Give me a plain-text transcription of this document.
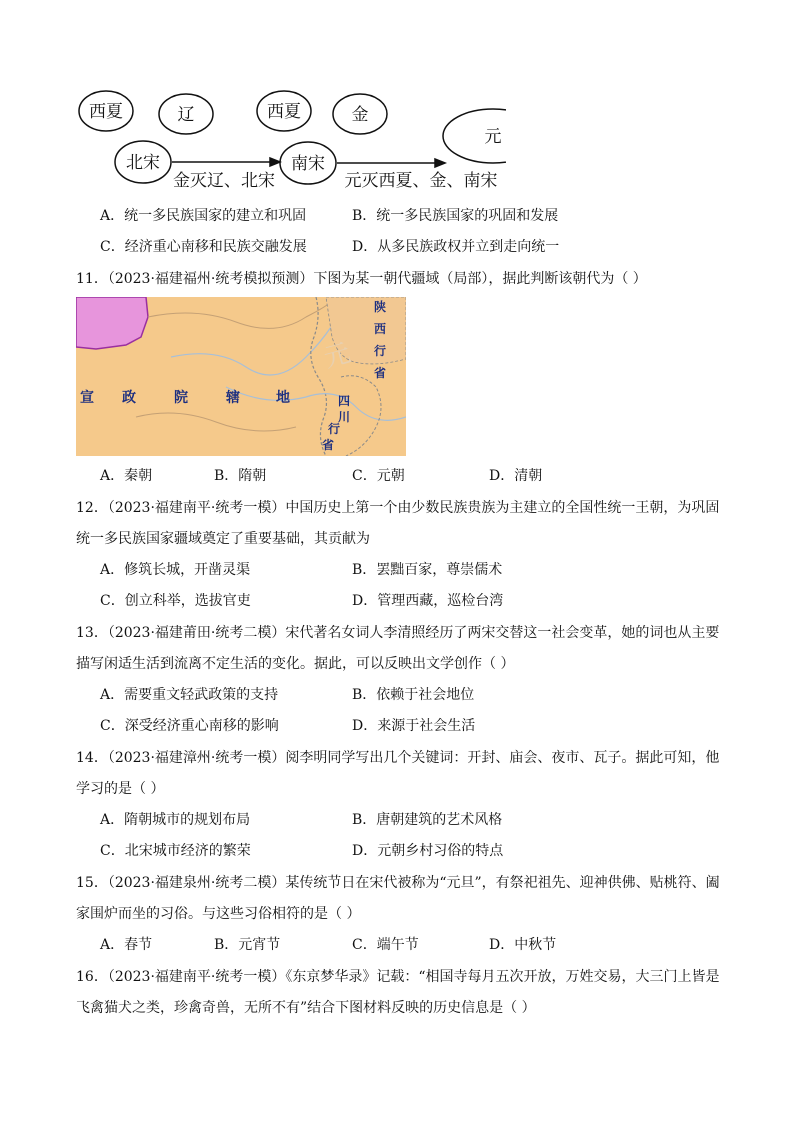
西夏	辽
北宋
西夏	金
南宋
元
金灭辽、北宋	元灭西夏、金、南宋
A．统一多民族国家的建立和巩固	B．统一多民族国家的巩固和发展
C．经济重心南移和民族交融发展	D．从多民族政权并立到走向统一

11．（2023·福建福州·统考模拟预测）下图为某一朝代疆域（局部），据此判断该朝代为（ ）

元
宣 政	院	辖	地
陕
西
行
省
四
川
行
省
A．秦朝	B．隋朝	C．元朝	D．清朝

12．（2023·福建南平·统考一模）中国历史上第一个由少数民族贵族为主建立的全国性统一王朝，为巩固统一多民族国家疆域奠定了重要基础，其贡献为

A．修筑长城，开凿灵渠	B．罢黜百家，尊崇儒术
C．创立科举，选拔官吏	D．管理西藏，巡检台湾

13．（2023·福建莆田·统考二模）宋代著名女词人李清照经历了两宋交替这一社会变革，她的词也从主要描写闲适生活到流离不定生活的变化。据此，可以反映出文学创作（ ）

A．需要重文轻武政策的支持	B．依赖于社会地位
C．深受经济重心南移的影响	D．来源于社会生活

14．（2023·福建漳州·统考一模）阅李明同学写出几个关键词：开封、庙会、夜市、瓦子。据此可知，他学习的是（ ）

A．隋朝城市的规划布局	B．唐朝建筑的艺术风格
C．北宋城市经济的繁荣	D．元朝乡村习俗的特点

15．（2023·福建泉州·统考二模）某传统节日在宋代被称为“元旦”，有祭祀祖先、迎神供佛、贴桃符、阖家围炉而坐的习俗。与这些习俗相符的是（ ）

A．春节	B．元宵节	C．端午节	D．中秋节

16．（2023·福建南平·统考一模）《东京梦华录》记载：“相国寺每月五次开放，万姓交易，大三门上皆是飞禽猫犬之类，珍禽奇兽，无所不有”结合下图材料反映的历史信息是（ ）
